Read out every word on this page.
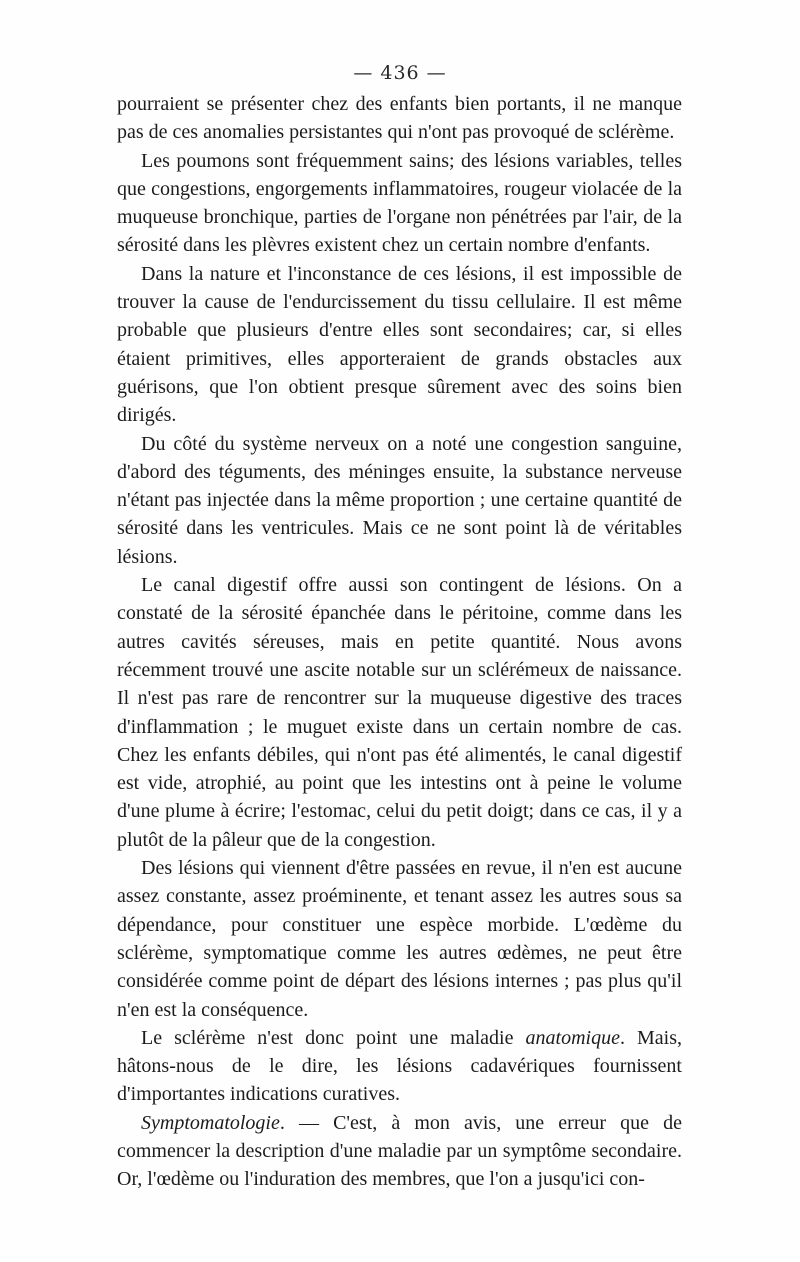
— 436 —

pourraient se présenter chez des enfants bien portants, il ne manque pas de ces anomalies persistantes qui n'ont pas provoqué de sclérème.

Les poumons sont fréquemment sains; des lésions variables, telles que congestions, engorgements inflammatoires, rougeur violacée de la muqueuse bronchique, parties de l'organe non pénétrées par l'air, de la sérosité dans les plèvres existent chez un certain nombre d'enfants.

Dans la nature et l'inconstance de ces lésions, il est impossible de trouver la cause de l'endurcissement du tissu cellulaire. Il est même probable que plusieurs d'entre elles sont secondaires; car, si elles étaient primitives, elles apporteraient de grands obstacles aux guérisons, que l'on obtient presque sûrement avec des soins bien dirigés.

Du côté du système nerveux on a noté une congestion sanguine, d'abord des téguments, des méninges ensuite, la substance nerveuse n'étant pas injectée dans la même proportion ; une certaine quantité de sérosité dans les ventricules. Mais ce ne sont point là de véritables lésions.

Le canal digestif offre aussi son contingent de lésions. On a constaté de la sérosité épanchée dans le péritoine, comme dans les autres cavités séreuses, mais en petite quantité. Nous avons récemment trouvé une ascite notable sur un sclérémeux de naissance. Il n'est pas rare de rencontrer sur la muqueuse digestive des traces d'inflammation ; le muguet existe dans un certain nombre de cas. Chez les enfants débiles, qui n'ont pas été alimentés, le canal digestif est vide, atrophié, au point que les intestins ont à peine le volume d'une plume à écrire; l'estomac, celui du petit doigt; dans ce cas, il y a plutôt de la pâleur que de la congestion.

Des lésions qui viennent d'être passées en revue, il n'en est aucune assez constante, assez proéminente, et tenant assez les autres sous sa dépendance, pour constituer une espèce morbide. L'œdème du sclérème, symptomatique comme les autres œdèmes, ne peut être considérée comme point de départ des lésions internes ; pas plus qu'il n'en est la conséquence.

Le sclérème n'est donc point une maladie anatomique. Mais, hâtons-nous de le dire, les lésions cadavériques fournissent d'importantes indications curatives.

Symptomatologie. — C'est, à mon avis, une erreur que de commencer la description d'une maladie par un symptôme secondaire. Or, l'œdème ou l'induration des membres, que l'on a jusqu'ici con-
